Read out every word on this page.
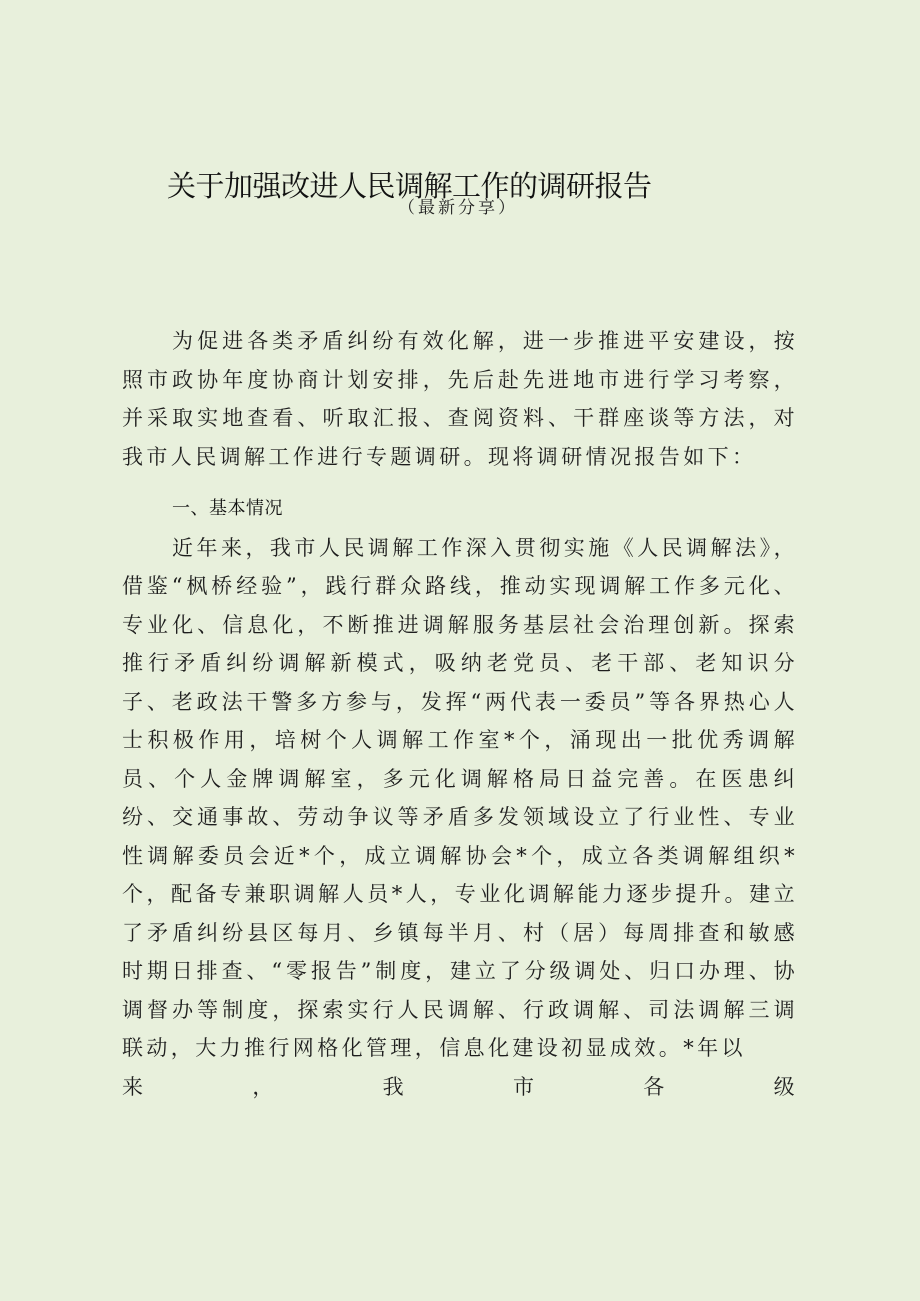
关于加强改进人民调解工作的调研报告
（最新分享）

为促进各类矛盾纠纷有效化解，进一步推进平安建设，按照市政协年度协商计划安排，先后赴先进地市进行学习考察，并采取实地查看、听取汇报、查阅资料、干群座谈等方法，对我市人民调解工作进行专题调研。现将调研情况报告如下：

一、基本情况

近年来，我市人民调解工作深入贯彻实施《人民调解法》，借鉴“枫桥经验”，践行群众路线，推动实现调解工作多元化、专业化、信息化，不断推进调解服务基层社会治理创新。探索推行矛盾纠纷调解新模式，吸纳老党员、老干部、老知识分子、老政法干警多方参与，发挥“两代表一委员”等各界热心人士积极作用，培树个人调解工作室*个，涌现出一批优秀调解员、个人金牌调解室，多元化调解格局日益完善。在医患纠纷、交通事故、劳动争议等矛盾多发领域设立了行业性、专业性调解委员会近*个，成立调解协会*个，成立各类调解组织*个，配备专兼职调解人员*人，专业化调解能力逐步提升。建立了矛盾纠纷县区每月、乡镇每半月、村（居）每周排查和敏感时期日排查、“零报告”制度，建立了分级调处、归口办理、协调督办等制度，探索实行人民调解、行政调解、司法调解三调联动，大力推行网格化管理，信息化建设初显成效。*年以

来	，	我	市	各	级
